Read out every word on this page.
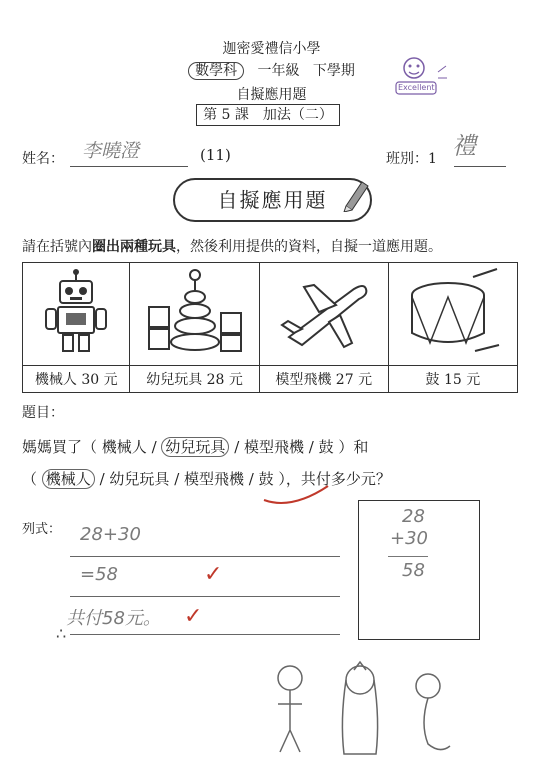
迦密愛禮信小學
數學科 一年級 下學期
自擬應用題
第 5 課　加法（二）
Excellent
姓名： 李曉澄	(11)	班別：1 禮
自擬應用題
請在括號內圈出兩種玩具，然後利用提供的資料，自擬一道應用題。

機械人 30 元	幼兒玩具 28 元	模型飛機 27 元	鼓 15 元
題目：
媽媽買了（ 機械人 / 幼兒玩具 / 模型飛機 / 鼓 ）和
（ 機械人 / 幼兒玩具 / 模型飛機 / 鼓 ），共付多少元？
列式： 28+30
=58
共付58元。
∴
✓
✓
28
+30
58
